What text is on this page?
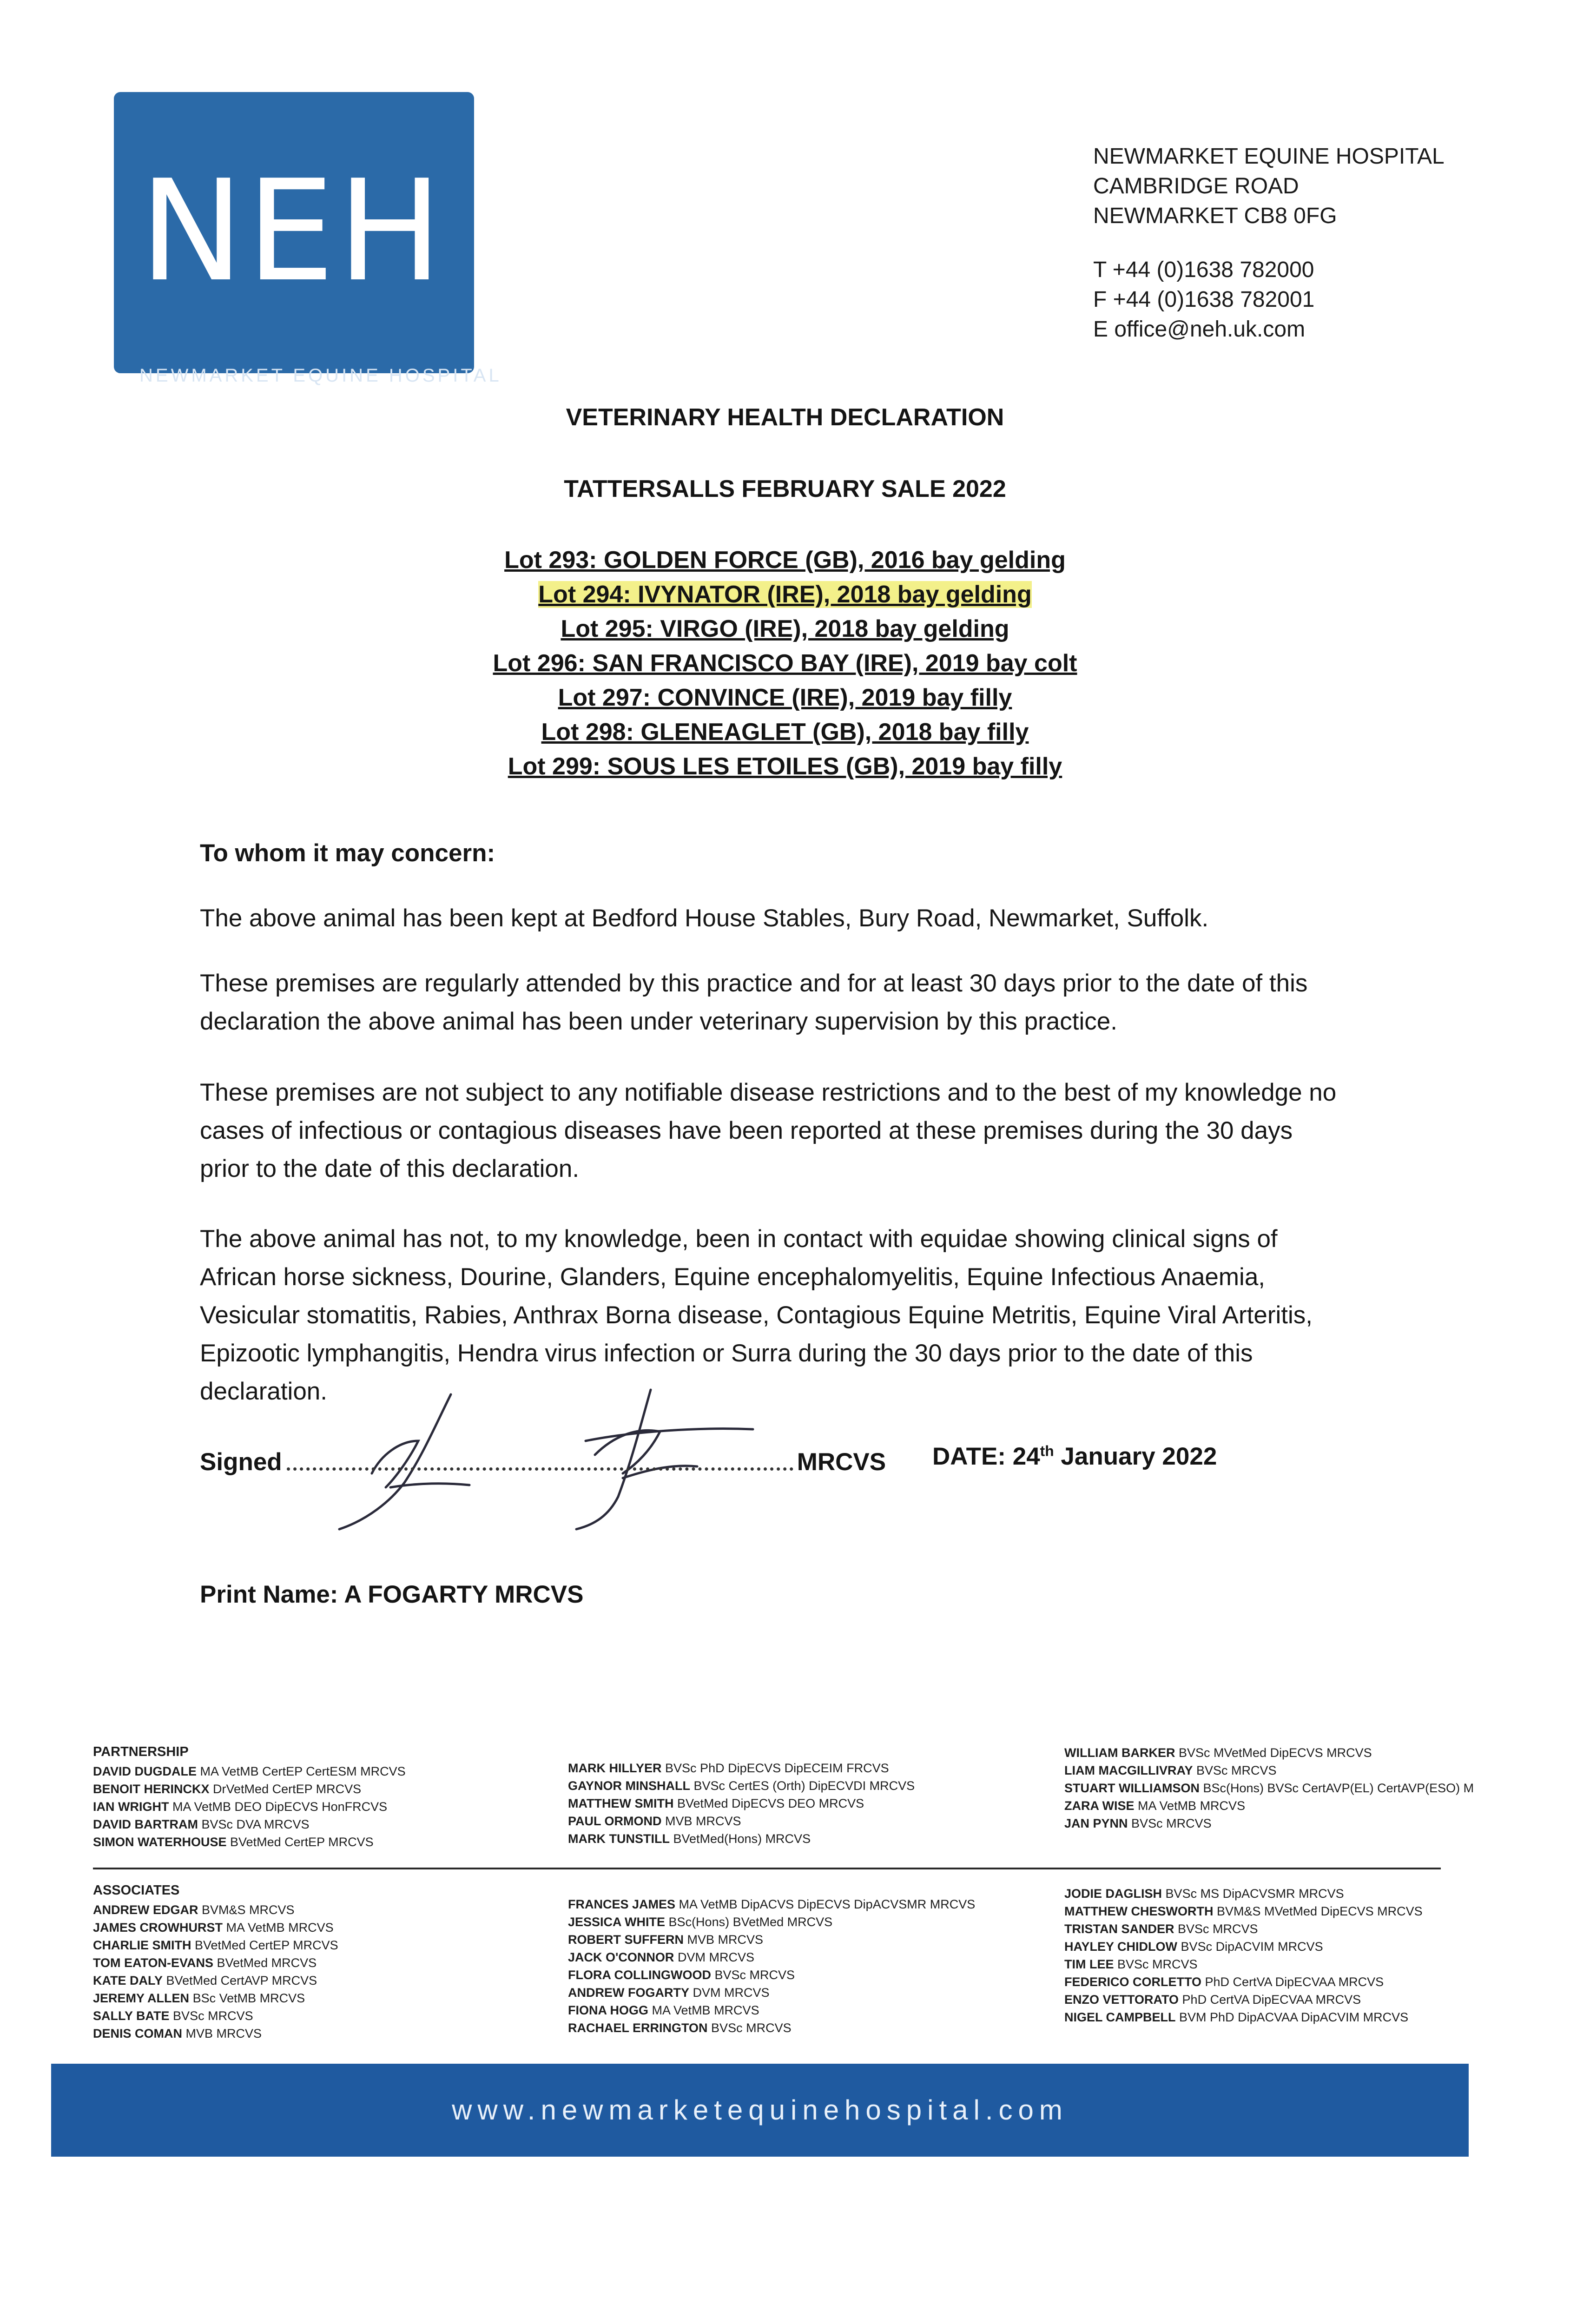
NEH
NEWMARKET EQUINE HOSPITAL
NEWMARKET EQUINE HOSPITAL
CAMBRIDGE ROAD
NEWMARKET CB8 0FG
T +44 (0)1638 782000
F +44 (0)1638 782001
E office@neh.uk.com
VETERINARY HEALTH DECLARATION
TATTERSALLS FEBRUARY SALE 2022
Lot 293: GOLDEN FORCE (GB), 2016 bay gelding
Lot 294: IVYNATOR (IRE), 2018 bay gelding
Lot 295: VIRGO (IRE), 2018 bay gelding
Lot 296: SAN FRANCISCO BAY (IRE), 2019 bay colt
Lot 297: CONVINCE (IRE), 2019 bay filly
Lot 298: GLENEAGLET (GB), 2018 bay filly
Lot 299: SOUS LES ETOILES (GB), 2019 bay filly
To whom it may concern:
The above animal has been kept at Bedford House Stables, Bury Road, Newmarket, Suffolk.
These premises are regularly attended by this practice and for at least 30 days prior to the date of this declaration the above animal has been under veterinary supervision by this practice.
These premises are not subject to any notifiable disease restrictions and to the best of my knowledge no cases of infectious or contagious diseases have been reported at these premises during the 30 days prior to the date of this declaration.
The above animal has not, to my knowledge, been in contact with equidae showing clinical signs of African horse sickness, Dourine, Glanders, Equine encephalomyelitis, Equine Infectious Anaemia, Vesicular stomatitis, Rabies, Anthrax Borna disease, Contagious Equine Metritis, Equine Viral Arteritis, Epizootic lymphangitis, Hendra virus infection or Surra during the 30 days prior to the date of this declaration.
Signed	MRCVS DATE: 24th January 2022
Print Name: A FOGARTY MRCVS
PARTNERSHIP
DAVID DUGDALE MA VetMB CertEP CertESM MRCVS
BENOIT HERINCKX DrVetMed CertEP MRCVS
IAN WRIGHT MA VetMB DEO DipECVS HonFRCVS
DAVID BARTRAM BVSc DVA MRCVS
SIMON WATERHOUSE BVetMed CertEP MRCVS
MARK HILLYER BVSc PhD DipECVS DipECEIM FRCVS
GAYNOR MINSHALL BVSc CertES (Orth) DipECVDI MRCVS
MATTHEW SMITH BVetMed DipECVS DEO MRCVS
PAUL ORMOND MVB MRCVS
MARK TUNSTILL BVetMed(Hons) MRCVS
WILLIAM BARKER BVSc MVetMed DipECVS MRCVS
LIAM MACGILLIVRAY BVSc MRCVS
STUART WILLIAMSON BSc(Hons) BVSc CertAVP(EL) CertAVP(ESO) M
ZARA WISE MA VetMB MRCVS
JAN PYNN BVSc MRCVS
ASSOCIATES
ANDREW EDGAR BVM&S MRCVS
JAMES CROWHURST MA VetMB MRCVS
CHARLIE SMITH BVetMed CertEP MRCVS
TOM EATON-EVANS BVetMed MRCVS
KATE DALY BVetMed CertAVP MRCVS
JEREMY ALLEN BSc VetMB MRCVS
SALLY BATE BVSc MRCVS
DENIS COMAN MVB MRCVS
FRANCES JAMES MA VetMB DipACVS DipECVS DipACVSMR MRCVS
JESSICA WHITE BSc(Hons) BVetMed MRCVS
ROBERT SUFFERN MVB MRCVS
JACK O'CONNOR DVM MRCVS
FLORA COLLINGWOOD BVSc MRCVS
ANDREW FOGARTY DVM MRCVS
FIONA HOGG MA VetMB MRCVS
RACHAEL ERRINGTON BVSc MRCVS
JODIE DAGLISH BVSc MS DipACVSMR MRCVS
MATTHEW CHESWORTH BVM&S MVetMed DipECVS MRCVS
TRISTAN SANDER BVSc MRCVS
HAYLEY CHIDLOW BVSc DipACVIM MRCVS
TIM LEE BVSc MRCVS
FEDERICO CORLETTO PhD CertVA DipECVAA MRCVS
ENZO VETTORATO PhD CertVA DipECVAA MRCVS
NIGEL CAMPBELL BVM PhD DipACVAA DipACVIM MRCVS
www.newmarketequinehospital.com
